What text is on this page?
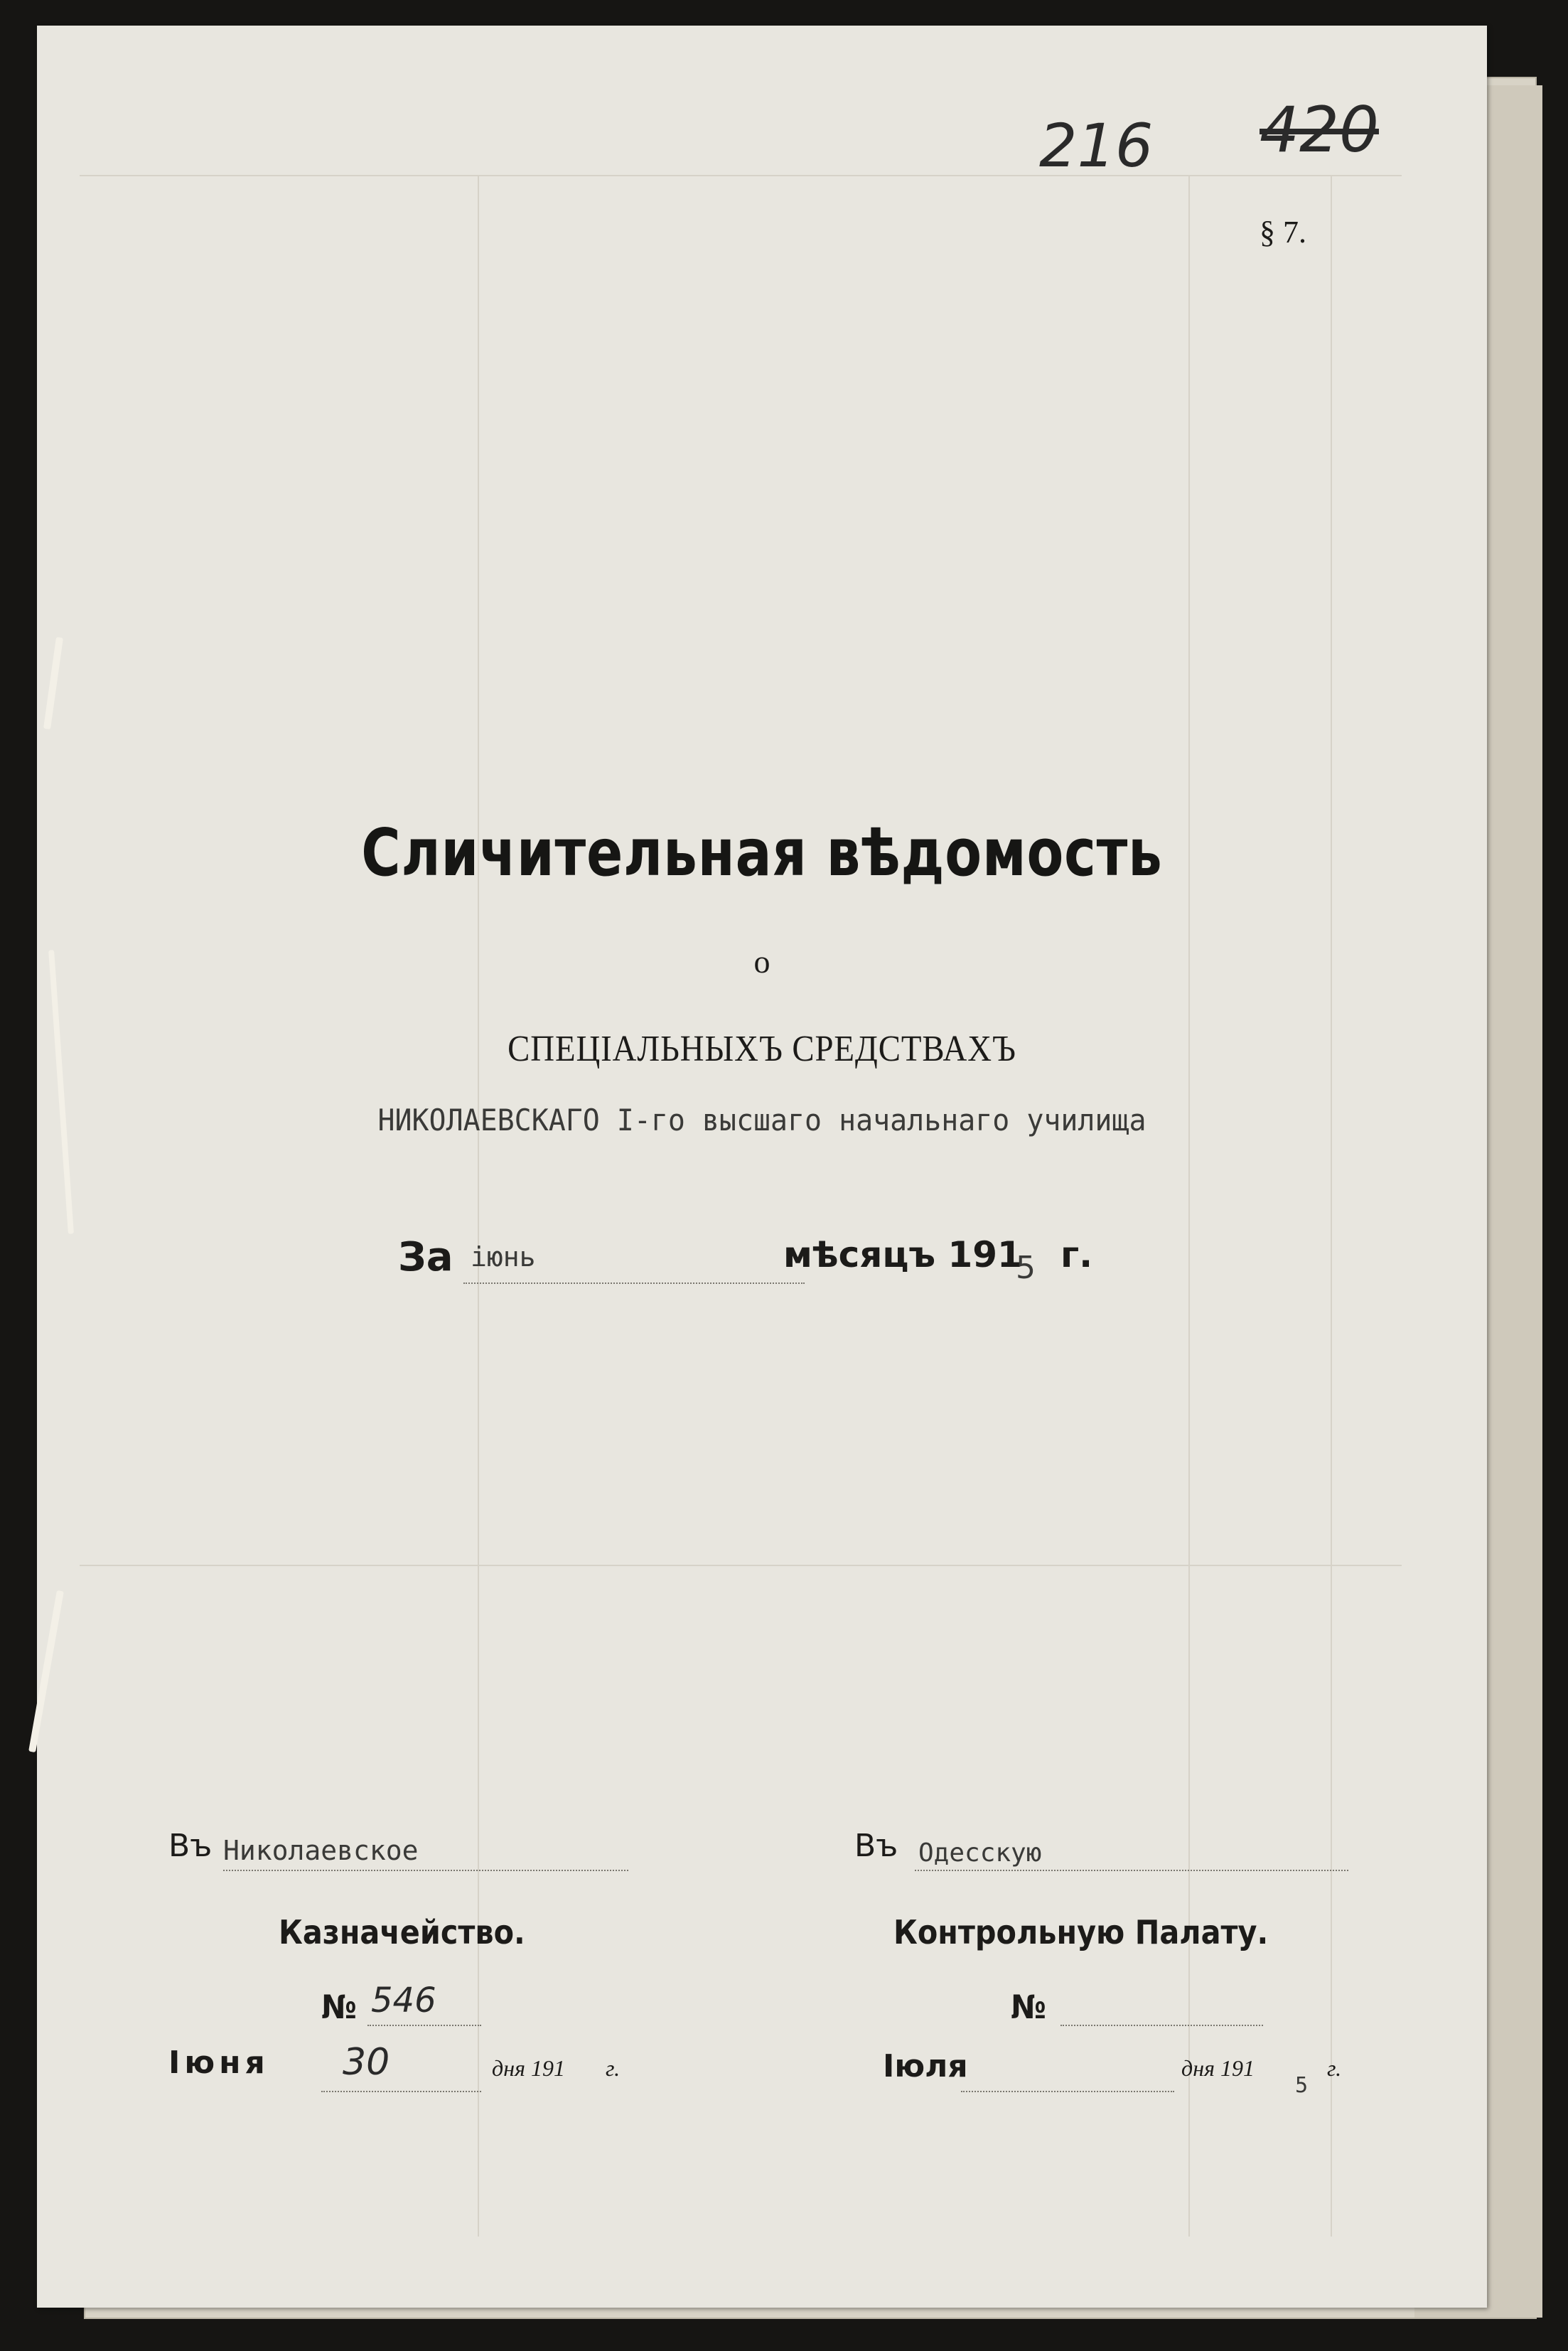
216 420
§ 7.
Сличительная вѣдомость
о
СПЕЦІАЛЬНЫХЪ СРЕДСТВАХЪ
НИКОЛАЕВСКАГО I-го высшаго начальнаго училища
За іюнь	мѣсяцъ 191
5 г.
Въ Николаевское
Казначейство.
№ 546
Iюня 30	дня 191 г.
Въ Одесскую
Контрольную Палату.
№
Iюля	дня 191
5
г.
